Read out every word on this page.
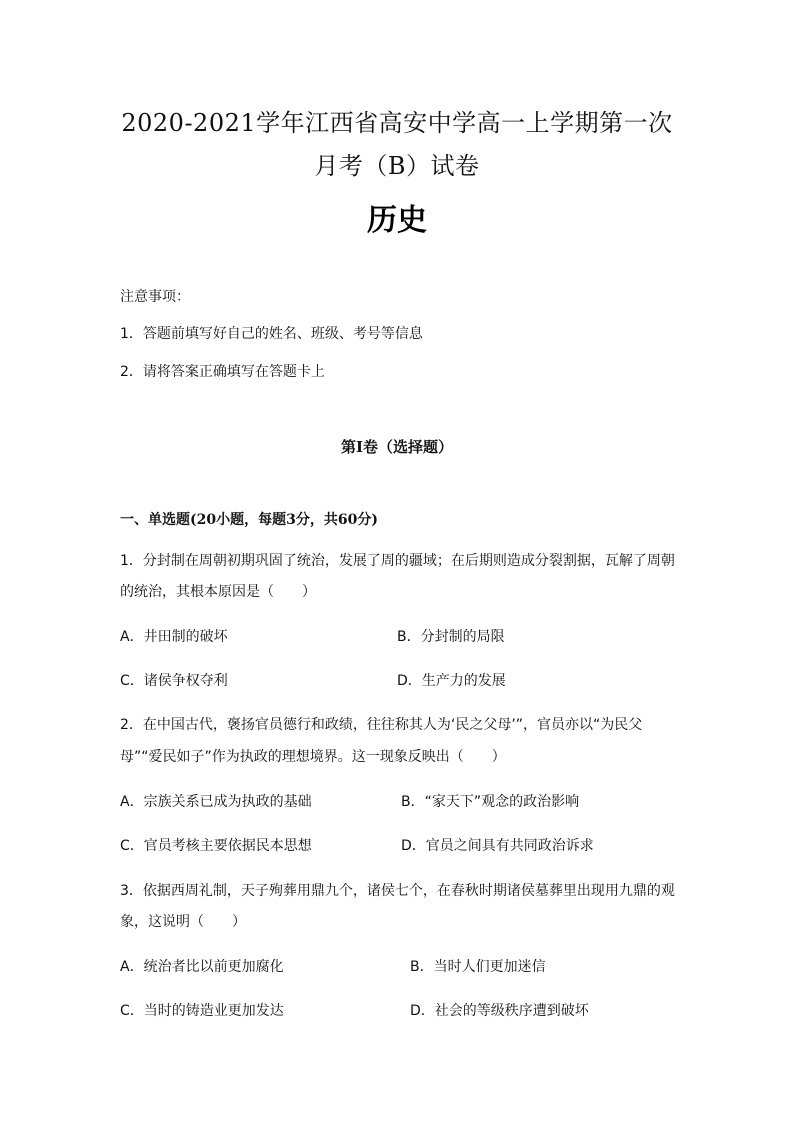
2020-2021学年江西省高安中学高一上学期第一次
月考（B）试卷
历史
注意事项：
1．答题前填写好自己的姓名、班级、考号等信息
2．请将答案正确填写在答题卡上
第I卷（选择题）
一、单选题(20小题，每题3分，共60分)
1．分封制在周朝初期巩固了统治，发展了周的疆域；在后期则造成分裂割据，瓦解了周朝
的统治，其根本原因是（　　）
A．井田制的破坏	B．分封制的局限
C．诸侯争权夺利	D．生产力的发展
2．在中国古代，褒扬官员德行和政绩，往往称其人为‘民之父母’”，官员亦以“为民父
母”“爱民如子”作为执政的理想境界。这一现象反映出（　　）
A．宗族关系已成为执政的基础	B．“家天下”观念的政治影响
C．官员考核主要依据民本思想	D．官员之间具有共同政治诉求
3．依据西周礼制，天子殉葬用鼎九个，诸侯七个，在春秋时期诸侯墓葬里出现用九鼎的观
象，这说明（　　）
A．统治者比以前更加腐化	B．当时人们更加迷信
C．当时的铸造业更加发达	D．社会的等级秩序遭到破坏
